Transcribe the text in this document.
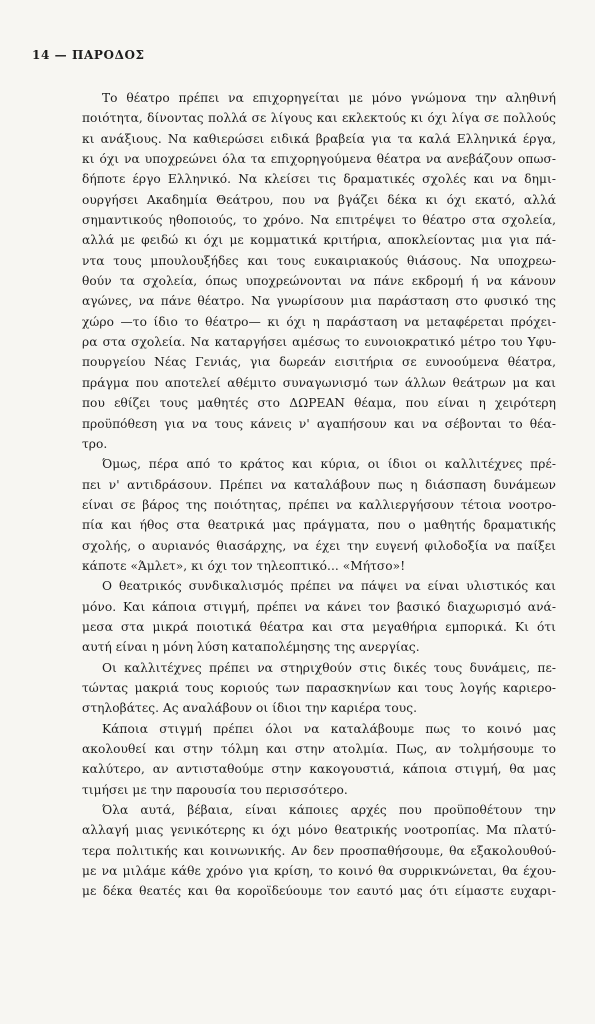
14 — ΠΑΡΟΔΟΣ
Το θέατρο πρέπει να επιχορηγείται με μόνο γνώμονα την αληθινή
ποιότητα, δίνοντας πολλά σε λίγους και εκλεκτούς κι όχι λίγα σε πολλούς
κι ανάξιους. Να καθιερώσει ειδικά βραβεία για τα καλά Ελληνικά έργα,
κι όχι να υποχρεώνει όλα τα επιχορηγούμενα θέατρα να ανεβάζουν οπωσ-
δήποτε έργο Ελληνικό. Να κλείσει τις δραματικές σχολές και να δημι-
ουργήσει Ακαδημία Θεάτρου, που να βγάζει δέκα κι όχι εκατό, αλλά
σημαντικούς ηθοποιούς, το χρόνο. Να επιτρέψει το θέατρο στα σχολεία,
αλλά με φειδώ κι όχι με κομματικά κριτήρια, αποκλείοντας μια για πά-
ντα τους μπουλουξήδες και τους ευκαιριακούς θιάσους. Να υποχρεω-
θούν τα σχολεία, όπως υποχρεώνονται να πάνε εκδρομή ή να κάνουν
αγώνες, να πάνε θέατρο. Να γνωρίσουν μια παράσταση στο φυσικό της
χώρο —το ίδιο το θέατρο— κι όχι η παράσταση να μεταφέρεται πρόχει-
ρα στα σχολεία. Να καταργήσει αμέσως το ευνοιοκρατικό μέτρο του Υφυ-
πουργείου Νέας Γενιάς, για δωρεάν εισιτήρια σε ευνοούμενα θέατρα,
πράγμα που αποτελεί αθέμιτο συναγωνισμό των άλλων θεάτρων μα και
που εθίζει τους μαθητές στο ΔΩΡΕΑΝ θέαμα, που είναι η χειρότερη
προϋπόθεση για να τους κάνεις ν' αγαπήσουν και να σέβονται το θέα-
τρο.
Όμως, πέρα από το κράτος και κύρια, οι ίδιοι οι καλλιτέχνες πρέ-
πει ν' αντιδράσουν. Πρέπει να καταλάβουν πως η διάσπαση δυνάμεων
είναι σε βάρος της ποιότητας, πρέπει να καλλιεργήσουν τέτοια νοοτρο-
πία και ήθος στα θεατρικά μας πράγματα, που ο μαθητής δραματικής
σχολής, ο αυριανός θιασάρχης, να έχει την ευγενή φιλοδοξία να παίξει
κάποτε «Άμλετ», κι όχι τον τηλεοπτικό... «Μήτσο»!
Ο θεατρικός συνδικαλισμός πρέπει να πάψει να είναι υλιστικός και
μόνο. Και κάποια στιγμή, πρέπει να κάνει τον βασικό διαχωρισμό ανά-
μεσα στα μικρά ποιοτικά θέατρα και στα μεγαθήρια εμπορικά. Κι ότι
αυτή είναι η μόνη λύση καταπολέμησης της ανεργίας.
Οι καλλιτέχνες πρέπει να στηριχθούν στις δικές τους δυνάμεις, πε-
τώντας μακριά τους κοριούς των παρασκηνίων και τους λογής καριερο-
στηλοβάτες. Ας αναλάβουν οι ίδιοι την καριέρα τους.
Κάποια στιγμή πρέπει όλοι να καταλάβουμε πως το κοινό μας
ακολουθεί και στην τόλμη και στην ατολμία. Πως, αν τολμήσουμε το
καλύτερο, αν αντισταθούμε στην κακογουστιά, κάποια στιγμή, θα μας
τιμήσει με την παρουσία του περισσότερο.
Όλα αυτά, βέβαια, είναι κάποιες αρχές που προϋποθέτουν την
αλλαγή μιας γενικότερης κι όχι μόνο θεατρικής νοοτροπίας. Μα πλατύ-
τερα πολιτικής και κοινωνικής. Αν δεν προσπαθήσουμε, θα εξακολουθού-
με να μιλάμε κάθε χρόνο για κρίση, το κοινό θα συρρικνώνεται, θα έχου-
με δέκα θεατές και θα κοροϊδεύουμε τον εαυτό μας ότι είμαστε ευχαρι-
